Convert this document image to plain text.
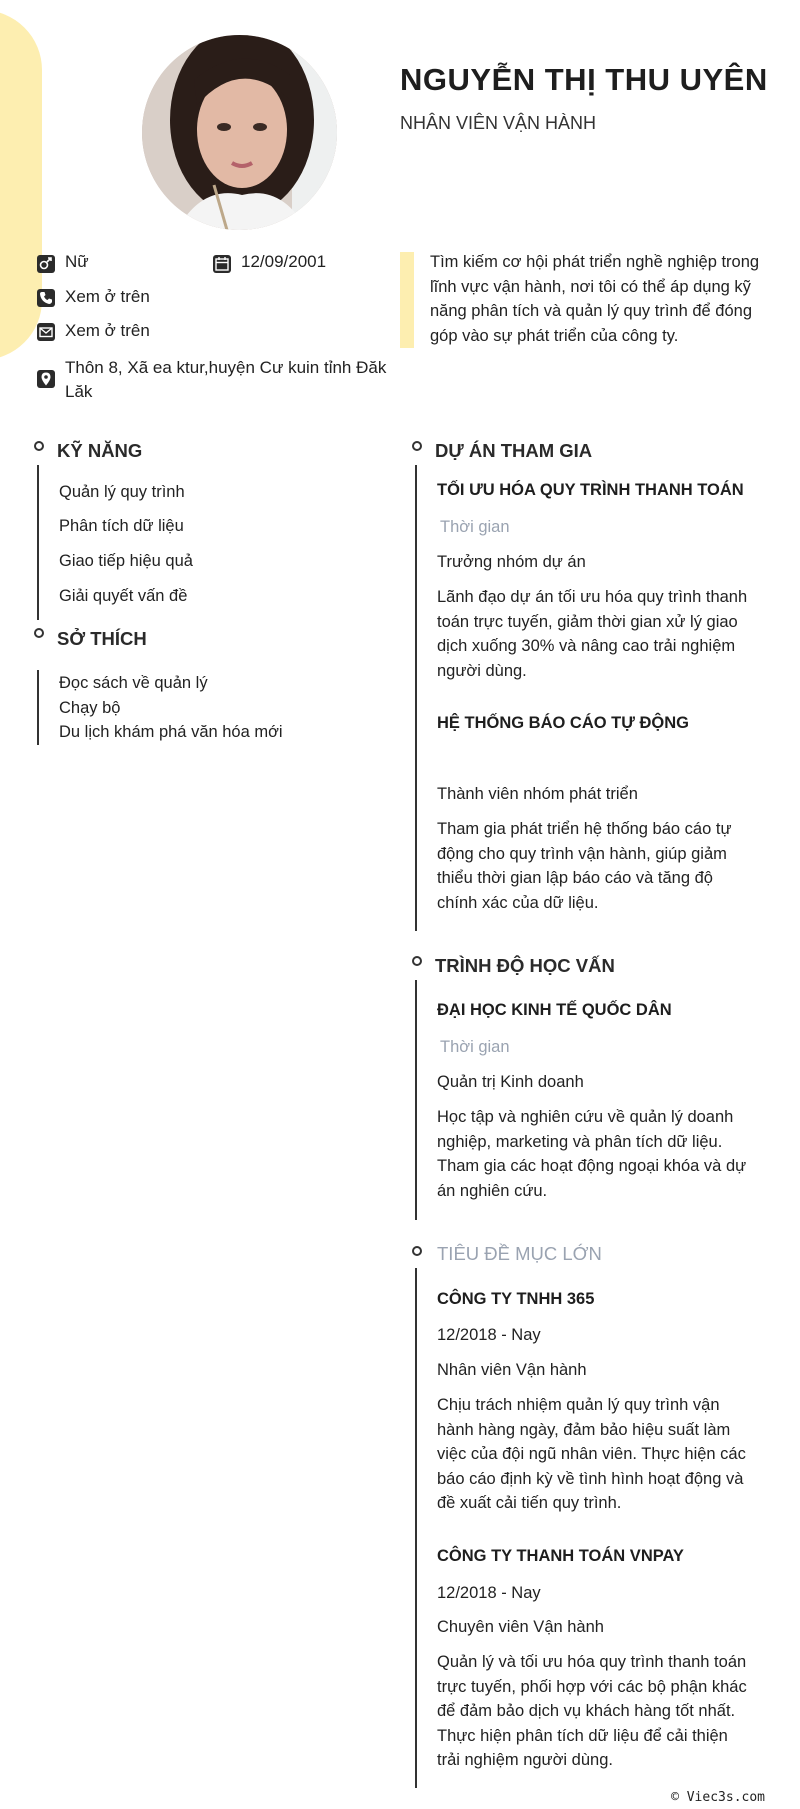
NGUYỄN THỊ THU UYÊN
NHÂN VIÊN VẬN HÀNH
Nữ	12/09/2001
Xem ở trên
Xem ở trên
Thôn 8, Xã ea ktur,huyện Cư kuin tỉnh Đăk
Lăk
Tìm kiếm cơ hội phát triển nghề nghiệp trong lĩnh vực vận hành, nơi tôi có thể áp dụng kỹ năng phân tích và quản lý quy trình để đóng góp vào sự phát triển của công ty.
KỸ NĂNG
Quản lý quy trình
Phân tích dữ liệu
Giao tiếp hiệu quả
Giải quyết vấn đề
SỞ THÍCH
Đọc sách về quản lý
Chạy bộ
Du lịch khám phá văn hóa mới
DỰ ÁN THAM GIA
TỐI ƯU HÓA QUY TRÌNH THANH TOÁN
Thời gian
Trưởng nhóm dự án
Lãnh đạo dự án tối ưu hóa quy trình thanh toán trực tuyến, giảm thời gian xử lý giao dịch xuống 30% và nâng cao trải nghiệm người dùng.
HỆ THỐNG BÁO CÁO TỰ ĐỘNG
Thành viên nhóm phát triển
Tham gia phát triển hệ thống báo cáo tự động cho quy trình vận hành, giúp giảm thiểu thời gian lập báo cáo và tăng độ chính xác của dữ liệu.
TRÌNH ĐỘ HỌC VẤN
ĐẠI HỌC KINH TẾ QUỐC DÂN
Thời gian
Quản trị Kinh doanh
Học tập và nghiên cứu về quản lý doanh nghiệp, marketing và phân tích dữ liệu. Tham gia các hoạt động ngoại khóa và dự án nghiên cứu.
TIÊU ĐỀ MỤC LỚN
CÔNG TY TNHH 365
12/2018 - Nay
Nhân viên Vận hành
Chịu trách nhiệm quản lý quy trình vận hành hàng ngày, đảm bảo hiệu suất làm việc của đội ngũ nhân viên. Thực hiện các báo cáo định kỳ về tình hình hoạt động và đề xuất cải tiến quy trình.
CÔNG TY THANH TOÁN VNPAY
12/2018 - Nay
Chuyên viên Vận hành
Quản lý và tối ưu hóa quy trình thanh toán trực tuyến, phối hợp với các bộ phận khác để đảm bảo dịch vụ khách hàng tốt nhất. Thực hiện phân tích dữ liệu để cải thiện trải nghiệm người dùng.
© Viec3s.com
